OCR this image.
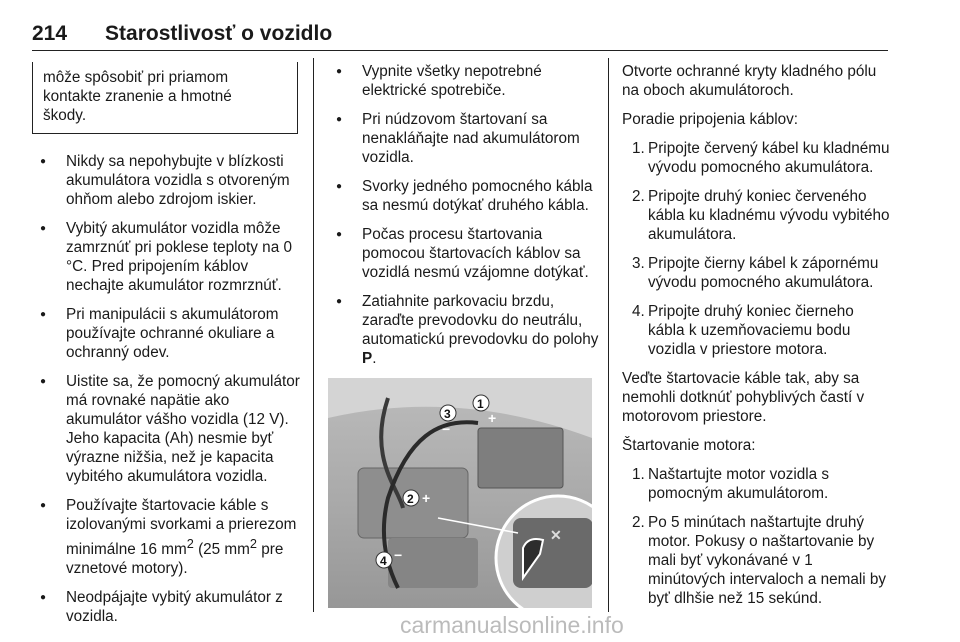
214 Starostlivosť o vozidlo
môže spôsobiť pri priamom
kontakte zranenie a hmotné
škody.
● Nikdy sa nepohybujte v blízkosti akumulátora vozidla s otvoreným ohňom alebo zdrojom iskier.
● Vybitý akumulátor vozidla môže zamrznúť pri poklese teploty na 0 °C. Pred pripojením káblov nechajte akumulátor rozmrznúť.
● Pri manipulácii s akumulátorom používajte ochranné okuliare a ochranný odev.
● Uistite sa, že pomocný akumulátor má rovnaké napätie ako akumulátor vášho vozidla (12 V). Jeho kapacita (Ah) nesmie byť výrazne nižšia, než je kapacita vybitého akumulátora vozidla.
● Používajte štartovacie káble s izolovanými svorkami a prierezom minimálne 16 $mm^2$ (25 $mm^2$ pre vznetové motory).
● Neodpájajte vybitý akumulátor z vozidla.
● Vypnite všetky nepotrebné elektrické spotrebiče.
● Pri núdzovom štartovaní sa nenakláňajte nad akumulátorom vozidla.
● Svorky jedného pomocného kábla sa nesmú dotýkať druhého kábla.
● Počas procesu štartovania pomocou štartovacích káblov sa vozidlá nesmú vzájomne dotýkať.
● Zatiahnite parkovaciu brzdu, zaraďte prevodovku do neutrálu, automatickú prevodovku do polohy P.
✕
1
+
2 +
3
−
4 −

Otvorte ochranné kryty kladného pólu na oboch akumulátoroch.

Poradie pripojenia káblov:

1. Pripojte červený kábel ku kladnému vývodu pomocného akumulátora.
2. Pripojte druhý koniec červeného kábla ku kladnému vývodu vybitého akumulátora.
3. Pripojte čierny kábel k zápornému vývodu pomocného akumulátora.
4. Pripojte druhý koniec čierneho kábla k uzemňovaciemu bodu vozidla v priestore motora.

Veďte štartovacie káble tak, aby sa nemohli dotknúť pohyblivých častí v motorovom priestore.

Štartovanie motora:

1. Naštartujte motor vozidla s pomocným akumulátorom.
2. Po 5 minútach naštartujte druhý motor. Pokusy o naštartovanie by mali byť vykonávané v 1 minútových intervaloch a nemali by byť dlhšie než 15 sekúnd.
carmanualsonline.info
